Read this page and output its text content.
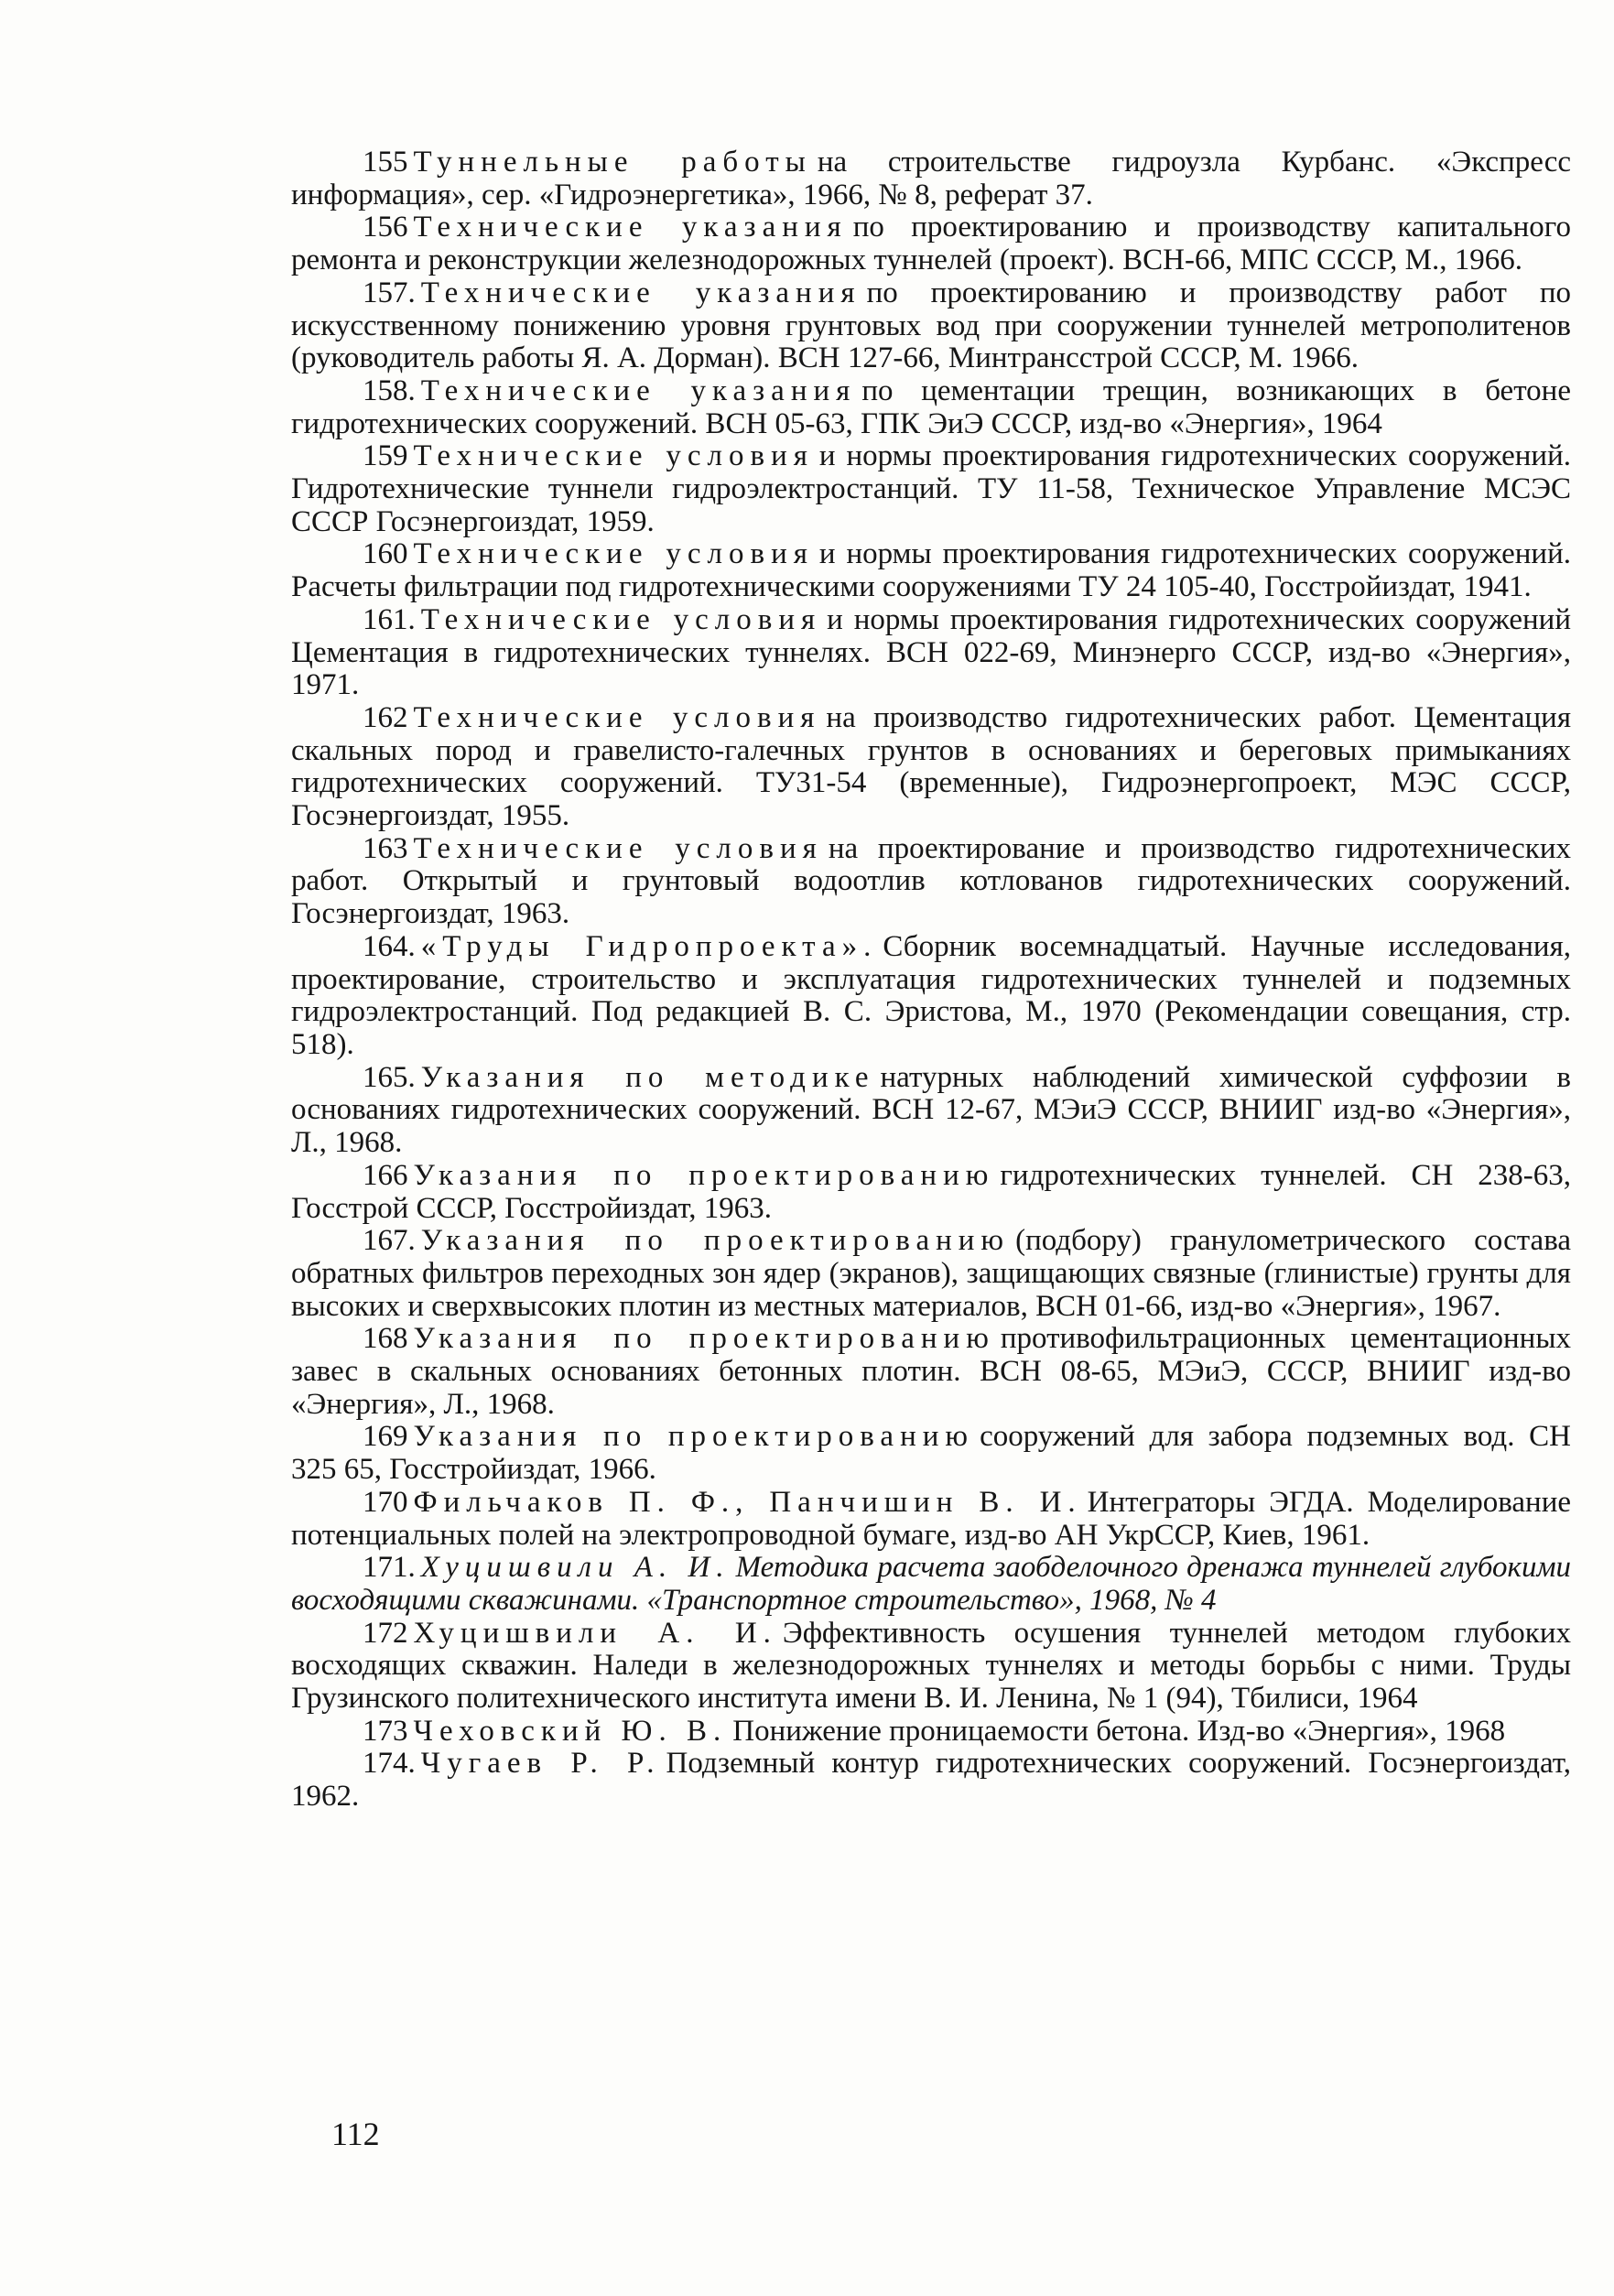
155 Туннельные работы на строительстве гидроузла Курбанс. «Экспресс информация», сер. «Гидроэнергетика», 1966, № 8, реферат 37.

156 Технические указания по проектированию и производству капитального ремонта и реконструкции железнодорожных туннелей (проект). ВСН-66, МПС СССР, М., 1966.

157. Технические указания по проектированию и производству работ по искусственному понижению уровня грунтовых вод при сооружении туннелей метрополитенов (руководитель работы Я. А. Дорман). ВСН 127-66, Минтрансстрой СССР, М. 1966.

158. Технические указания по цементации трещин, возникающих в бетоне гидротехнических сооружений. ВСН 05-63, ГПК ЭиЭ СССР, изд-во «Энергия», 1964

159 Технические условия и нормы проектирования гидротехнических сооружений. Гидротехнические туннели гидроэлектростанций. ТУ 11-58, Техническое Управление МСЭС СССР Госэнергоиздат, 1959.

160 Технические условия и нормы проектирования гидротехнических сооружений. Расчеты фильтрации под гидротехническими сооружениями ТУ 24 105-40, Госстройиздат, 1941.

161. Технические условия и нормы проектирования гидротехнических сооружений Цементация в гидротехнических туннелях. ВСН 022-69, Минэнерго СССР, изд-во «Энергия», 1971.

162 Технические условия на производство гидротехнических работ. Цементация скальных пород и гравелисто-галечных грунтов в основаниях и береговых примыканиях гидротехнических сооружений. ТУ31-54 (временные), Гидроэнергопроект, МЭС СССР, Госэнергоиздат, 1955.

163 Технические условия на проектирование и производство гидротехнических работ. Открытый и грунтовый водоотлив котлованов гидротехнических сооружений. Госэнергоиздат, 1963.

164. «Труды Гидропроекта». Сборник восемнадцатый. Научные исследования, проектирование, строительство и эксплуатация гидротехнических туннелей и подземных гидроэлектростанций. Под редакцией В. С. Эристова, М., 1970 (Рекомендации совещания, стр. 518).

165. Указания по методике натурных наблюдений химической суффозии в основаниях гидротехнических сооружений. ВСН 12-67, МЭиЭ СССР, ВНИИГ изд-во «Энергия», Л., 1968.

166 Указания по проектированию гидротехнических туннелей. СН 238-63, Госстрой СССР, Госстройиздат, 1963.

167. Указания по проектированию (подбору) гранулометрического состава обратных фильтров переходных зон ядер (экранов), защищающих связные (глинистые) грунты для высоких и сверхвысоких плотин из местных материалов, ВСН 01-66, изд-во «Энергия», 1967.

168 Указания по проектированию противофильтрационных цементационных завес в скальных основаниях бетонных плотин. ВСН 08-65, МЭиЭ, СССР, ВНИИГ изд-во «Энергия», Л., 1968.

169 Указания по проектированию сооружений для забора подземных вод. СН 325 65, Госстройиздат, 1966.

170 Фильчаков П. Ф., Панчишин В. И. Интеграторы ЭГДА. Моделирование потенциальных полей на электропроводной бумаге, изд-во АН УкрССР, Киев, 1961.

171. Хуцишвили А. И. Методика расчета заобделочного дренажа туннелей глубокими восходящими скважинами. «Транспортное строительство», 1968, № 4

172 Хуцишвили А. И. Эффективность осушения туннелей методом глубоких восходящих скважин. Наледи в железнодорожных туннелях и методы борьбы с ними. Труды Грузинского политехнического института имени В. И. Ленина, № 1 (94), Тбилиси, 1964

173 Чеховский Ю. В. Понижение проницаемости бетона. Изд-во «Энергия», 1968

174. Чугаев Р. Р. Подземный контур гидротехнических сооружений. Госэнергоиздат, 1962.

112
